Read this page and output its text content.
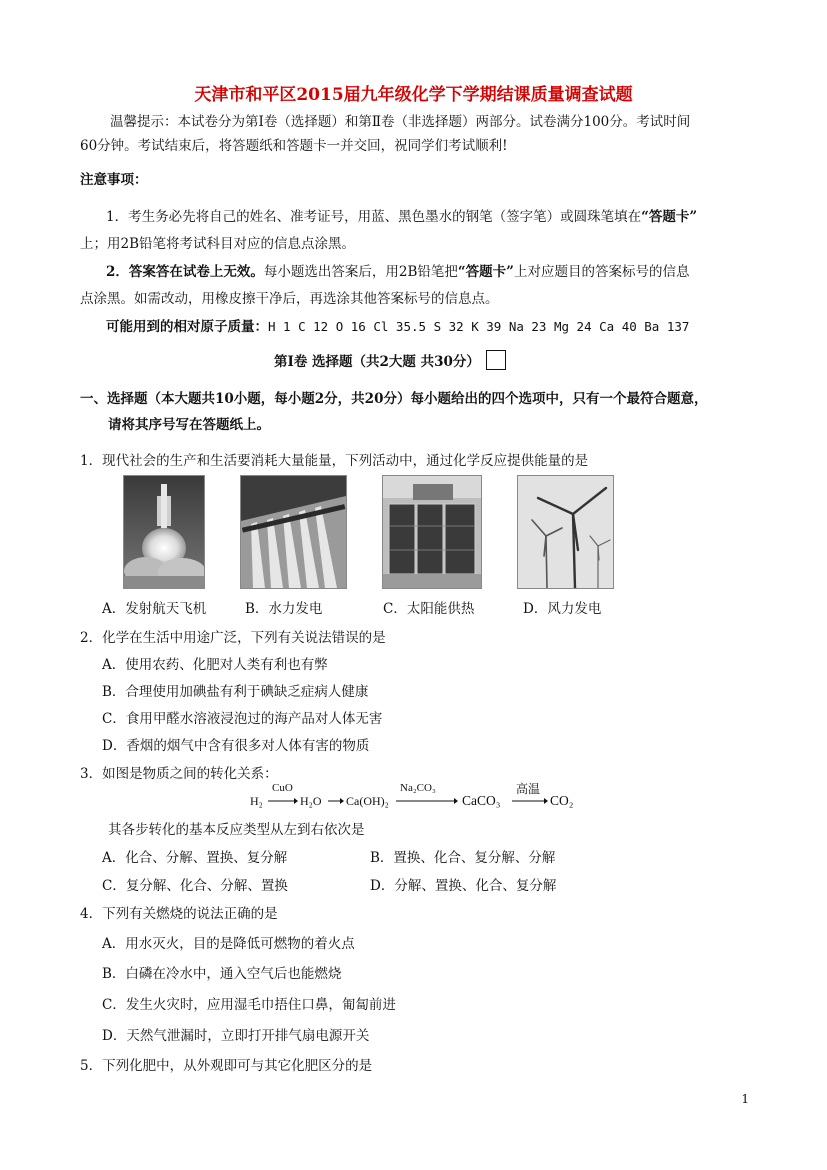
天津市和平区2015届九年级化学下学期结课质量调查试题
温馨提示：本试卷分为第Ⅰ卷（选择题）和第Ⅱ卷（非选择题）两部分。试卷满分100分。考试时间
60分钟。考试结束后，将答题纸和答题卡一并交回，祝同学们考试顺利!
注意事项：
1．考生务必先将自己的姓名、准考证号，用蓝、黑色墨水的钢笔（签字笔）或圆珠笔填在“答题卡”
上；用2B铅笔将考试科目对应的信息点涂黑。
2．答案答在试卷上无效。每小题选出答案后，用2B铅笔把“答题卡”上对应题目的答案标号的信息
点涂黑。如需改动，用橡皮擦干净后，再选涂其他答案标号的信息点。
可能用到的相对原子质量：H 1 C 12 O 16 Cl 35.5 S 32 K 39 Na 23 Mg 24 Ca 40 Ba 137
第Ⅰ卷 选择题（共2大题 共30分）
一、选择题（本大题共10小题，每小题2分，共20分）每小题给出的四个选项中，只有一个最符合题意，
请将其序号写在答题纸上。
1．现代社会的生产和生活要消耗大量能量，下列活动中，通过化学反应提供能量的是
A．发射航天飞机	B．水力发电	C．太阳能供热	D．风力发电
2．化学在生活中用途广泛，下列有关说法错误的是
A．使用农药、化肥对人类有利也有弊
B．合理使用加碘盐有利于碘缺乏症病人健康
C．食用甲醛水溶液浸泡过的海产品对人体无害
D．香烟的烟气中含有很多对人体有害的物质
3．如图是物质之间的转化关系：
H₂
CuO
H₂O Ca(OH)₂
Na₂CO₃
CaCO₃
高温
CO₂
其各步转化的基本反应类型从左到右依次是
A．化合、分解、置换、复分解	B．置换、化合、复分解、分解
C．复分解、化合、分解、置换	D．分解、置换、化合、复分解
4．下列有关燃烧的说法正确的是
A．用水灭火，目的是降低可燃物的着火点
B．白磷在冷水中，通入空气后也能燃烧
C．发生火灾时，应用湿毛巾捂住口鼻，匍匐前进
D．天然气泄漏时，立即打开排气扇电源开关
5．下列化肥中，从外观即可与其它化肥区分的是
1
